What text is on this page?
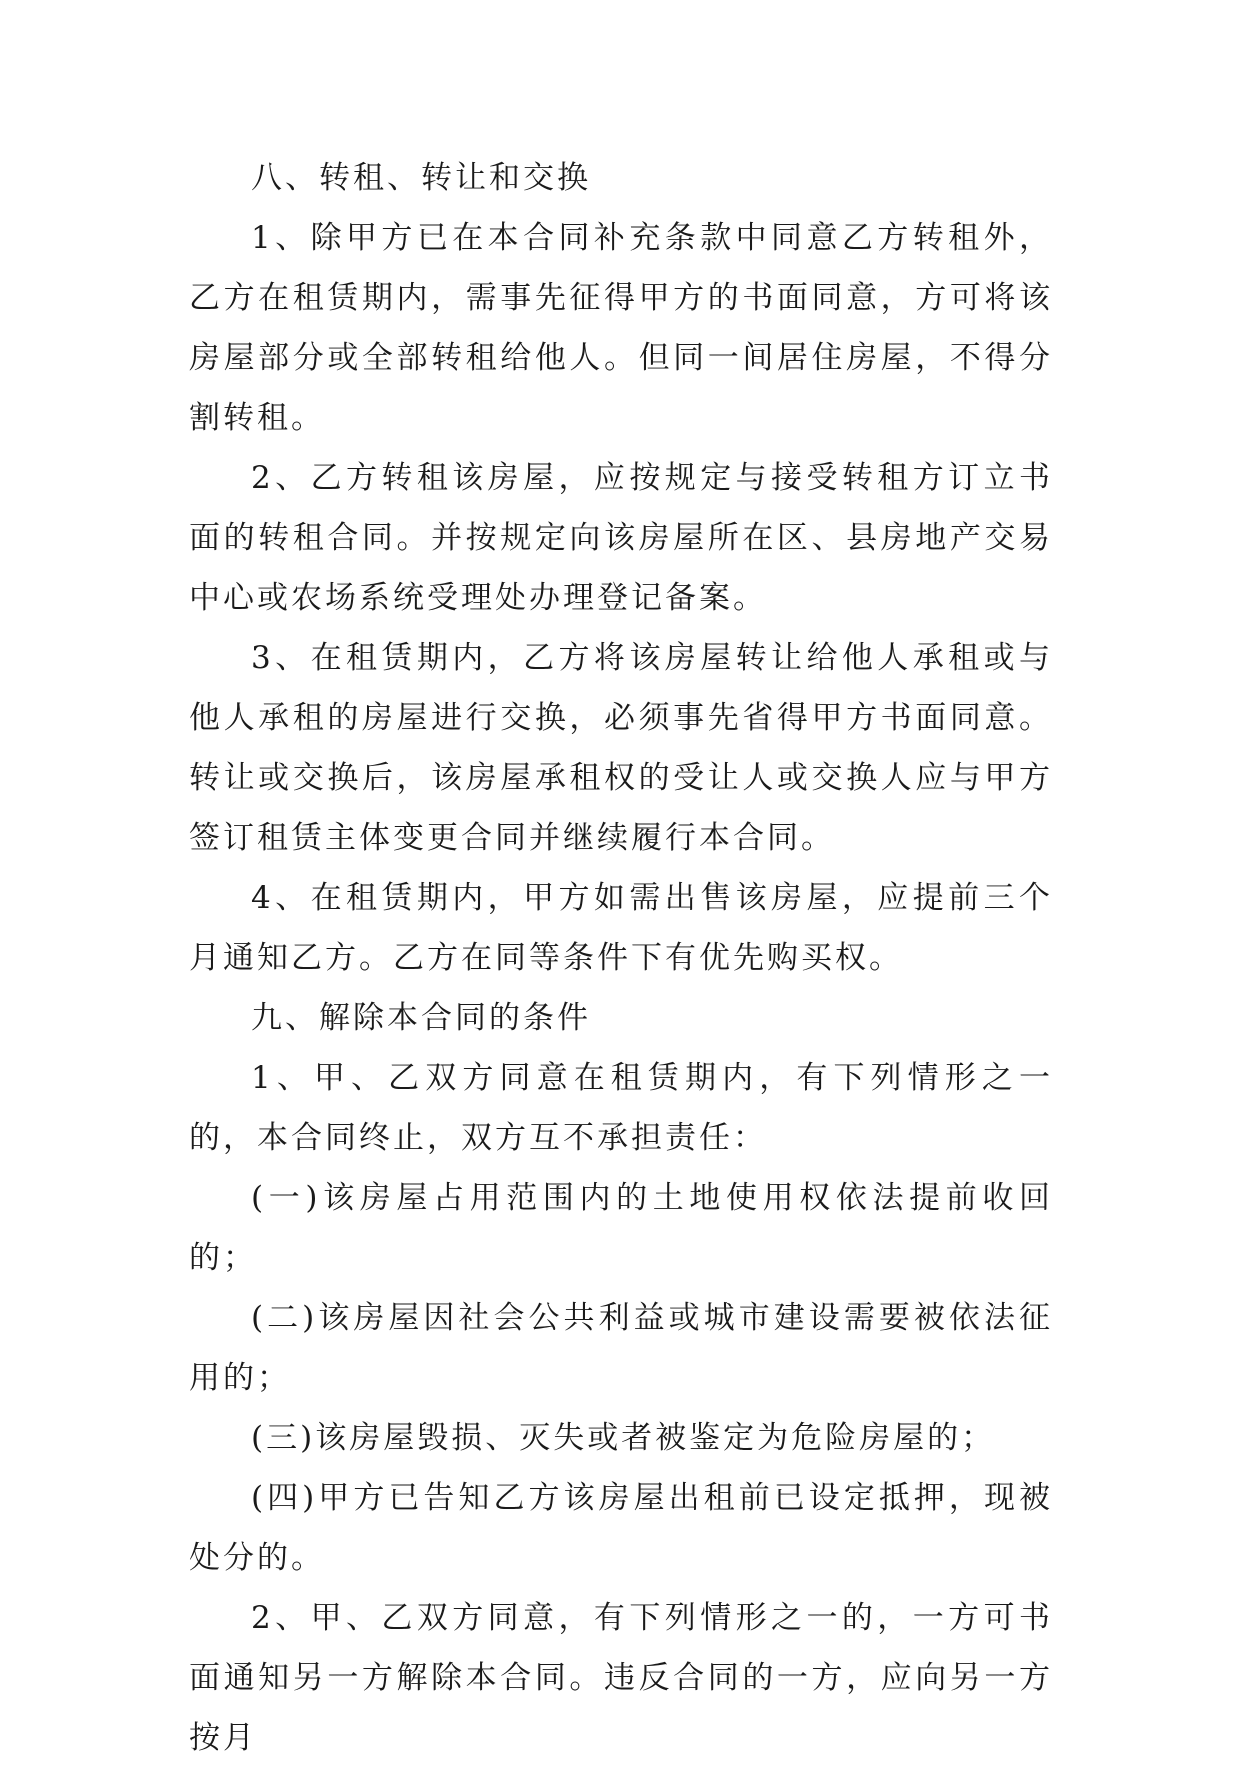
八、转租、转让和交换

1、除甲方已在本合同补充条款中同意乙方转租外，乙方在租赁期内，需事先征得甲方的书面同意，方可将该房屋部分或全部转租给他人。但同一间居住房屋，不得分割转租。

2、乙方转租该房屋，应按规定与接受转租方订立书面的转租合同。并按规定向该房屋所在区、县房地产交易中心或农场系统受理处办理登记备案。

3、在租赁期内，乙方将该房屋转让给他人承租或与他人承租的房屋进行交换，必须事先省得甲方书面同意。转让或交换后，该房屋承租权的受让人或交换人应与甲方签订租赁主体变更合同并继续履行本合同。

4、在租赁期内，甲方如需出售该房屋，应提前三个月通知乙方。乙方在同等条件下有优先购买权。

九、解除本合同的条件

1、甲、乙双方同意在租赁期内，有下列情形之一的，本合同终止，双方互不承担责任：

(一)该房屋占用范围内的土地使用权依法提前收回的；

(二)该房屋因社会公共利益或城市建设需要被依法征用的；

(三)该房屋毁损、灭失或者被鉴定为危险房屋的；

(四)甲方已告知乙方该房屋出租前已设定抵押，现被处分的。

2、甲、乙双方同意，有下列情形之一的，一方可书面通知另一方解除本合同。违反合同的一方，应向另一方按月
